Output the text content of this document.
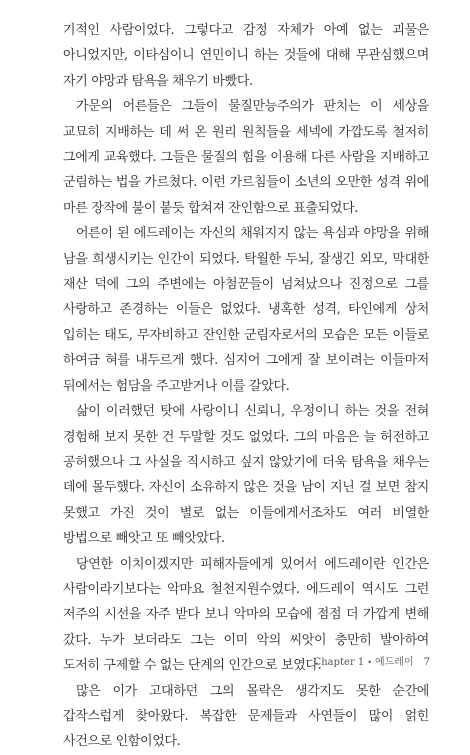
기적인 사람이었다. 그렇다고 감정 자체가 아예 없는 괴물은 아니었지만, 이타심이니 연민이니 하는 것들에 대해 무관심했으며 자기 야망과 탐욕을 채우기 바빴다.

가문의 어른들은 그들이 물질만능주의가 판치는 이 세상을 교묘히 지배하는 데 써 온 원리 원칙들을 세넥에 가깝도록 철저히 그에게 교육했다. 그들은 물질의 힘을 이용해 다른 사람을 지배하고 군림하는 법을 가르쳤다. 이런 가르침들이 소년의 오만한 성격 위에 마른 장작에 불이 붙듯 합쳐져 잔인함으로 표출되었다.

어른이 된 에드레이는 자신의 채워지지 않는 욕심과 야망을 위해 남을 희생시키는 인간이 되었다. 탁월한 두뇌, 잘생긴 외모, 막대한 재산 덕에 그의 주변에는 아첨꾼들이 넘쳐났으나 진정으로 그를 사랑하고 존경하는 이들은 없었다. 냉혹한 성격, 타인에게 상처 입히는 태도, 무자비하고 잔인한 군림자로서의 모습은 모든 이들로 하여금 혀를 내두르게 했다. 심지어 그에게 잘 보이려는 이들마저 뒤에서는 험담을 주고받거나 이를 갈았다.

삶이 이러했던 탓에 사랑이니 신뢰니, 우정이니 하는 것을 전혀 경험해 보지 못한 건 두말할 것도 없었다. 그의 마음은 늘 허전하고 공허했으나 그 사실을 직시하고 싶지 않았기에 더욱 탐욕을 채우는 데에 몰두했다. 자신이 소유하지 않은 것을 남이 지닌 걸 보면 참지 못했고 가진 것이 별로 없는 이들에게서조차도 여러 비열한 방법으로 빼앗고 또 빼앗았다.

당연한 이치이겠지만 피해자들에게 있어서 에드레이란 인간은 사람이라기보다는 악마요 철천지원수였다. 에드레이 역시도 그런 저주의 시선을 자주 받다 보니 악마의 모습에 점점 더 가깝게 변해 갔다. 누가 보더라도 그는 이미 악의 씨앗이 충만히 발아하여 도저히 구제할 수 없는 단계의 인간으로 보였다.

많은 이가 고대하던 그의 몰락은 생각지도 못한 순간에 갑작스럽게 찾아왔다. 복잡한 문제들과 사연들이 많이 얽힌 사건으로 인함이었다.

Chapter 1 • 에드레이 7
